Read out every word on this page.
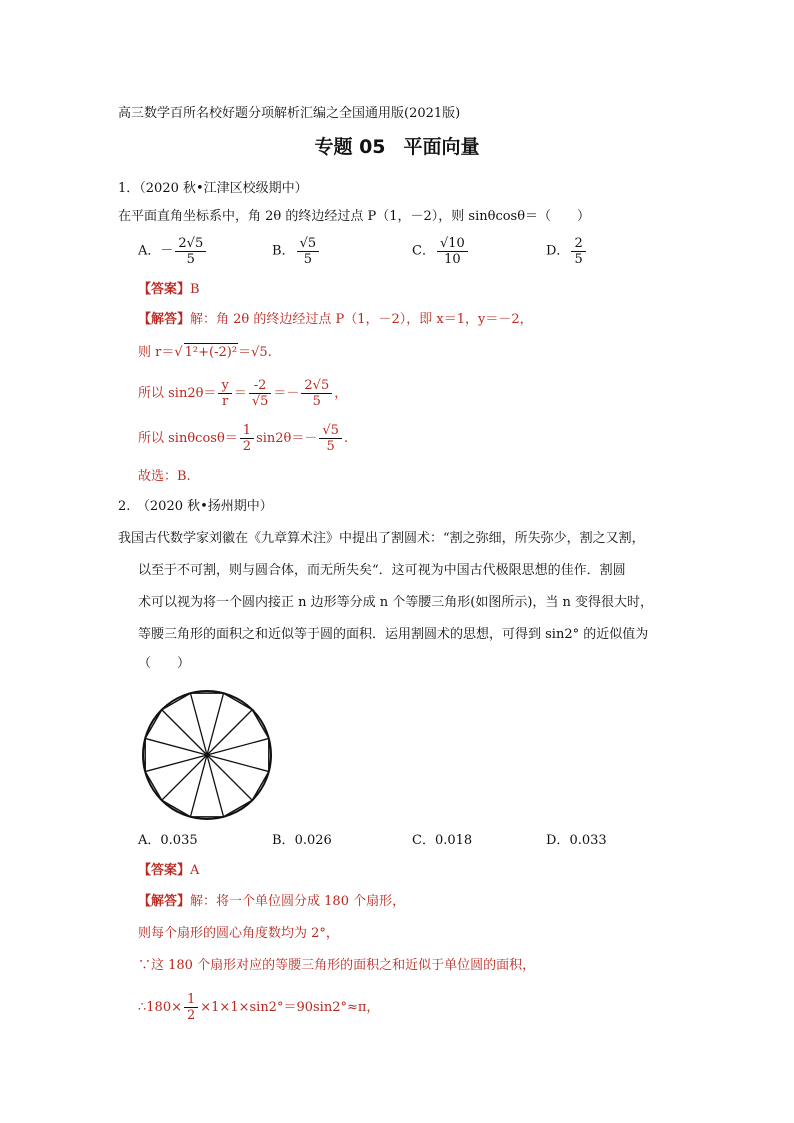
高三数学百所名校好题分项解析汇编之全国通用版(2021版)
专题 05 平面向量
1．（2020 秋•江津区校级期中）
在平面直角坐标系中，角 2θ 的终边经过点 P（1，－2），则 sinθcosθ＝（　　）
A．－ $\frac{2√5}{5}$	B． $\frac{√5}{5}$	C． $\frac{√10}{10}$	D． $\frac{2}{5}$
【答案】B
【解答】解：角 2θ 的终边经过点 P（1，－2），即 x＝1，y＝－2，
则 r＝√ 1²+(-2)²＝√5.
所以 $\sin 2\theta= \frac{y}{r} = \frac{-2}{√5} =- \frac{2√5}{5}$ ，
所以 $\sin\theta\cos\theta= \frac{1}{2} \sin 2\theta=- \frac{√5}{5}$ .
故选：B.
2.　（2020 秋•扬州期中）
我国古代数学家刘徽在《九章算术注》中提出了割圆术：“割之弥细，所失弥少，割之又割，
以至于不可割，则与圆合体，而无所失矣“．这可视为中国古代极限思想的佳作．割圆
术可以视为将一个圆内接正 n 边形等分成 n 个等腰三角形(如图所示)，当 n 变得很大时，
等腰三角形的面积之和近似等于圆的面积．运用割圆术的思想，可得到 sin2° 的近似值为
（　　）
A．0.035	B．0.026	C．0.018	D．0.033
【答案】A
【解答】解：将一个单位圆分成 180 个扇形，
则每个扇形的圆心角度数均为 2°，
∵这 180 个扇形对应的等腰三角形的面积之和近似于单位圆的面积，
∴180× $\frac{1}{2} \times 1\times 1\times\sin 2^\circ=90\sin 2^\circ\approx\pi$，
